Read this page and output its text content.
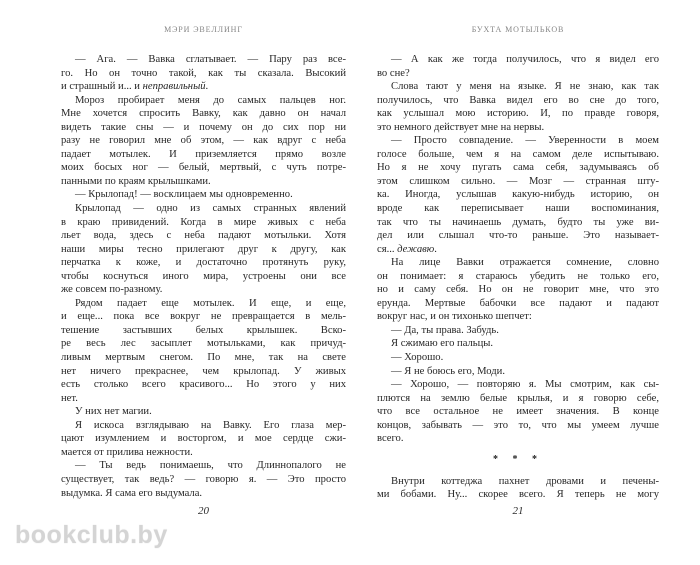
МЭРИ ЭВЕЛЛИНГ
— Ага. — Вавка сглатывает. — Пару раз все-
го. Но он точно такой, как ты сказала. Высокий
и страшный и... и неправильный.
Мороз пробирает меня до самых пальцев ног.
Мне хочется спросить Вавку, как давно он начал
видеть такие сны — и почему он до сих пор ни
разу не говорил мне об этом, — как вдруг с неба
падает мотылек. И приземляется прямо возле
моих босых ног — белый, мертвый, с чуть потре-
панными по краям крылышками.
— Крылопад! — восклицаем мы одновременно.
Крылопад — одно из самых странных явлений
в краю привидений. Когда в мире живых с неба
льет вода, здесь с неба падают мотыльки. Хотя
наши миры тесно прилегают друг к другу, как
перчатка к коже, и достаточно протянуть руку,
чтобы коснуться иного мира, устроены они все
же совсем по-разному.
Рядом падает еще мотылек. И еще, и еще,
и еще... пока все вокруг не превращается в мель-
тешение застывших белых крылышек. Вско-
ре весь лес засыплет мотыльками, как причуд-
ливым мертвым снегом. По мне, так на свете
нет ничего прекраснее, чем крылопад. У живых
есть столько всего красивого... Но этого у них
нет.
У них нет магии.
Я искоса взглядываю на Вавку. Его глаза мер-
цают изумлением и восторгом, и мое сердце сжи-
мается от прилива нежности.
— Ты ведь понимаешь, что Длиннопалого не
существует, так ведь? — говорю я. — Это просто
выдумка. Я сама его выдумала.
20
БУХТА МОТЫЛЬКОВ
— А как же тогда получилось, что я видел его
во сне?
Слова тают у меня на языке. Я не знаю, как так
получилось, что Вавка видел его во сне до того,
как услышал мою историю. И, по правде говоря,
это немного действует мне на нервы.
— Просто совпадение. — Уверенности в моем
голосе больше, чем я на самом деле испытываю.
Но я не хочу пугать сама себя, задумываясь об
этом слишком сильно. — Мозг — странная шту-
ка. Иногда, услышав какую-нибудь историю, он
вроде как переписывает наши воспоминания,
так что ты начинаешь думать, будто ты уже ви-
дел или слышал что-то раньше. Это называет-
ся... дежавю.
На лице Вавки отражается сомнение, словно
он понимает: я стараюсь убедить не только его,
но и саму себя. Но он не говорит мне, что это
ерунда. Мертвые бабочки все падают и падают
вокруг нас, и он тихонько шепчет:
— Да, ты права. Забудь.
Я сжимаю его пальцы.
— Хорошо.
— Я не боюсь его, Моди.
— Хорошо, — повторяю я. Мы смотрим, как сы-
плются на землю белые крылья, и я говорю себе,
что все остальное не имеет значения. В конце
концов, забывать — это то, что мы умеем лучше
всего.
* * *
Внутри коттеджа пахнет дровами и печены-
ми бобами. Ну... скорее всего. Я теперь не могу
21
bookclub.by
